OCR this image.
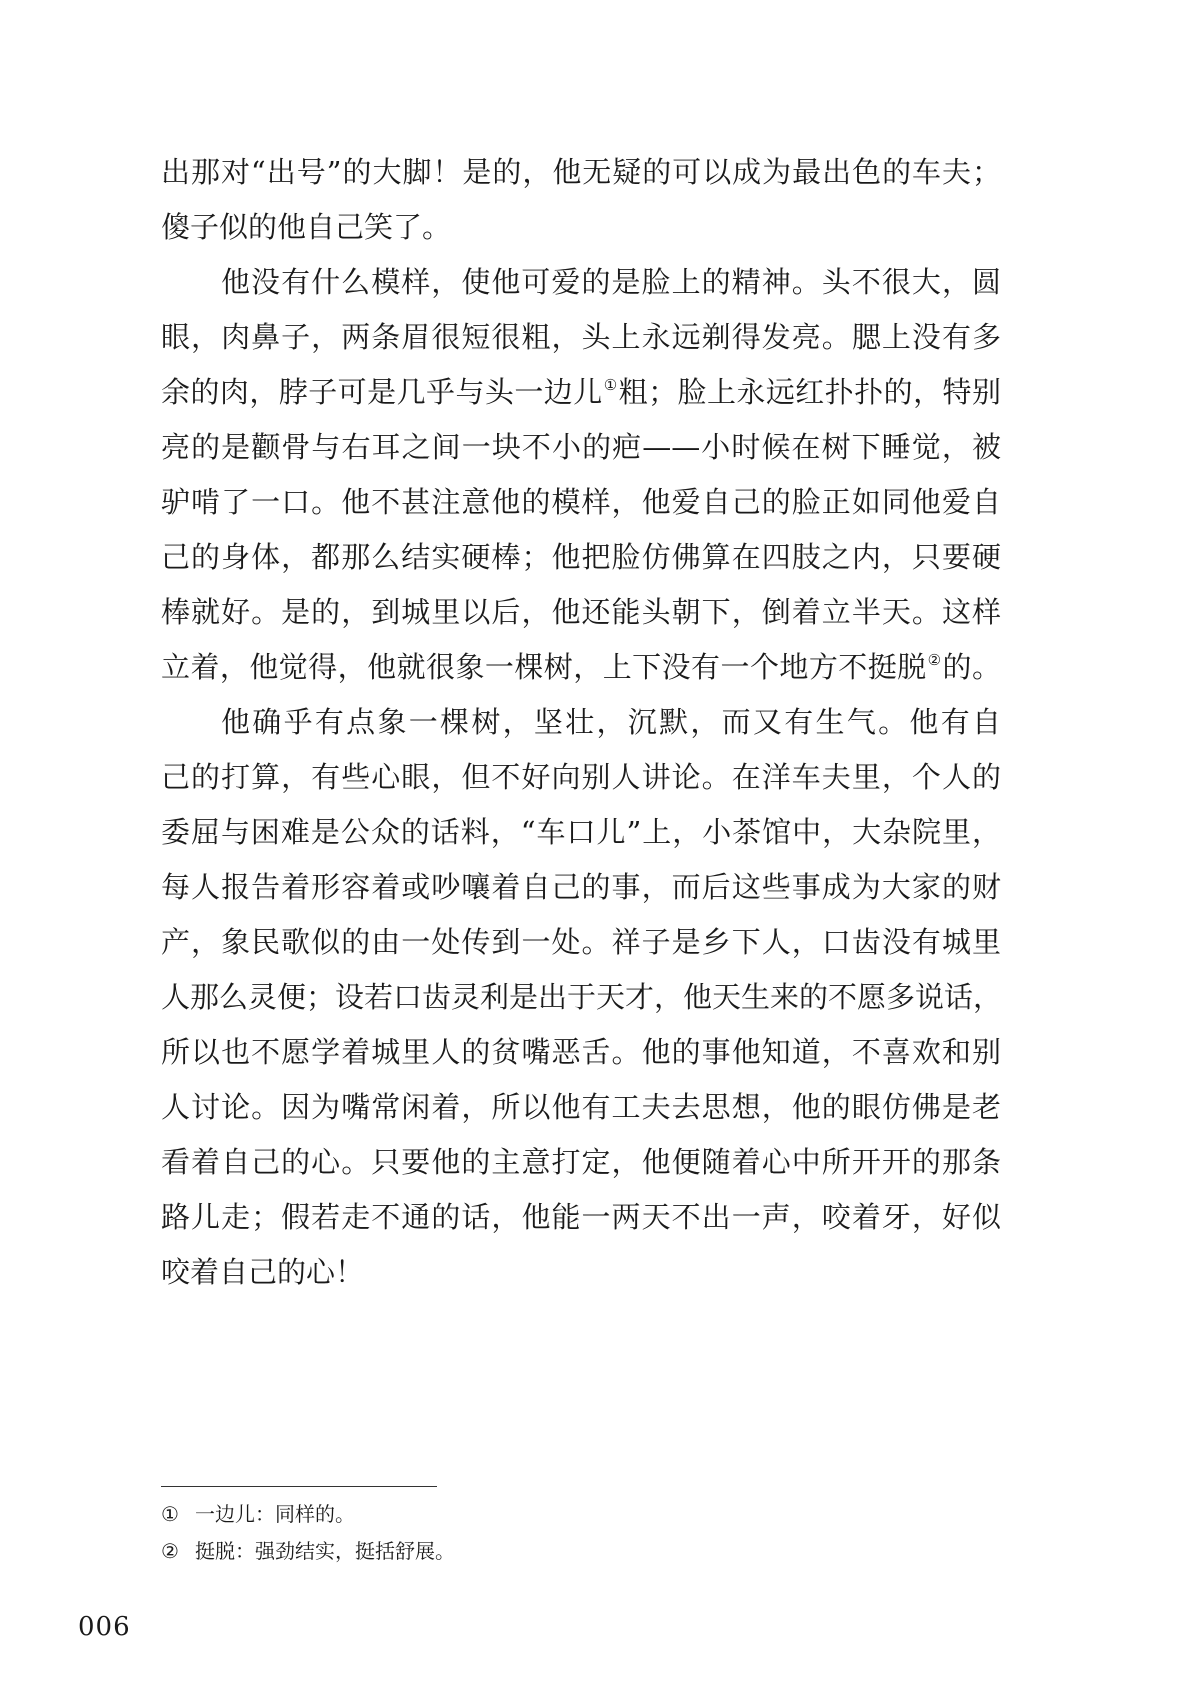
出那对“出号”的大脚！是的，他无疑的可以成为最出色的车夫；
傻子似的他自己笑了。
他没有什么模样，使他可爱的是脸上的精神。头不很大，圆
眼，肉鼻子，两条眉很短很粗，头上永远剃得发亮。腮上没有多
余的肉，脖子可是几乎与头一边儿①粗；脸上永远红扑扑的，特别
亮的是颧骨与右耳之间一块不小的疤——小时候在树下睡觉，被
驴啃了一口。他不甚注意他的模样，他爱自己的脸正如同他爱自
己的身体，都那么结实硬棒；他把脸仿佛算在四肢之内，只要硬
棒就好。是的，到城里以后，他还能头朝下，倒着立半天。这样
立着，他觉得，他就很象一棵树，上下没有一个地方不挺脱②的。
他确乎有点象一棵树，坚壮，沉默，而又有生气。他有自
己的打算，有些心眼，但不好向别人讲论。在洋车夫里，个人的
委屈与困难是公众的话料，“车口儿”上，小茶馆中，大杂院里，
每人报告着形容着或吵嚷着自己的事，而后这些事成为大家的财
产，象民歌似的由一处传到一处。祥子是乡下人，口齿没有城里
人那么灵便；设若口齿灵利是出于天才，他天生来的不愿多说话，
所以也不愿学着城里人的贫嘴恶舌。他的事他知道，不喜欢和别
人讨论。因为嘴常闲着，所以他有工夫去思想，他的眼仿佛是老
看着自己的心。只要他的主意打定，他便随着心中所开开的那条
路儿走；假若走不通的话，他能一两天不出一声，咬着牙，好似
咬着自己的心！
① 一边儿：同样的。
② 挺脱：强劲结实，挺括舒展。
006
